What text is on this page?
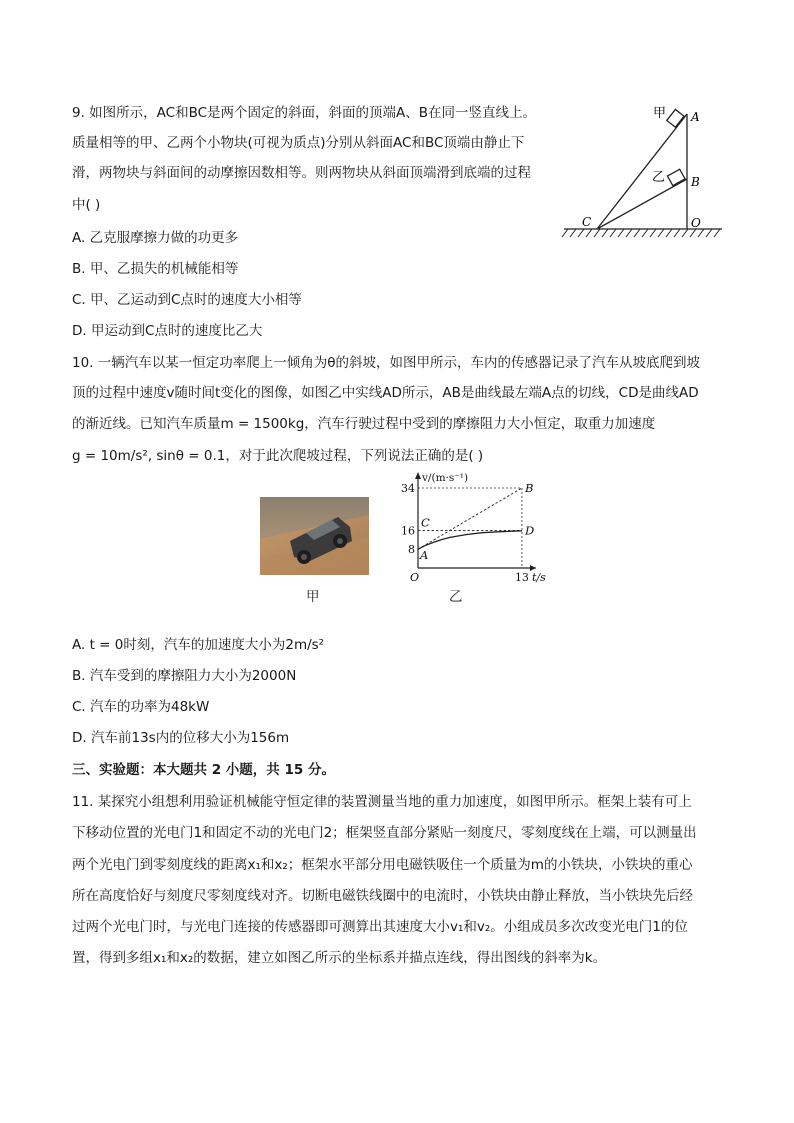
9. 如图所示，AC和BC是两个固定的斜面，斜面的顶端A、B在同一竖直线上。
质量相等的甲、乙两个小物块(可视为质点)分别从斜面AC和BC顶端由静止下
滑，两物块与斜面间的动摩擦因数相等。则两物块从斜面顶端滑到底端的过程
中( )
A. 乙克服摩擦力做的功更多
B. 甲、乙损失的机械能相等
C. 甲、乙运动到C点时的速度大小相等
D. 甲运动到C点时的速度比乙大
甲
乙
A
B
C	O
10. 一辆汽车以某一恒定功率爬上一倾角为θ的斜坡，如图甲所示，车内的传感器记录了汽车从坡底爬到坡
顶的过程中速度v随时间t变化的图像，如图乙中实线AD所示，AB是曲线最左端A点的切线，CD是曲线AD
的渐近线。已知汽车质量m = 1500kg，汽车行驶过程中受到的摩擦阻力大小恒定，取重力加速度
g = 10m/s², sinθ = 0.1，对于此次爬坡过程，下列说法正确的是( )
甲
8
16
34
13
O
v/(m·s⁻¹)
t/s
A
B
C
D
乙
A. t = 0时刻，汽车的加速度大小为2m/s²
B. 汽车受到的摩擦阻力大小为2000N
C. 汽车的功率为48kW
D. 汽车前13s内的位移大小为156m
三、实验题：本大题共 2 小题，共 15 分。
11. 某探究小组想利用验证机械能守恒定律的装置测量当地的重力加速度，如图甲所示。框架上装有可上
下移动位置的光电门1和固定不动的光电门2；框架竖直部分紧贴一刻度尺，零刻度线在上端，可以测量出
两个光电门到零刻度线的距离x₁和x₂；框架水平部分用电磁铁吸住一个质量为m的小铁块，小铁块的重心
所在高度恰好与刻度尺零刻度线对齐。切断电磁铁线圈中的电流时，小铁块由静止释放，当小铁块先后经
过两个光电门时，与光电门连接的传感器即可测算出其速度大小v₁和v₂。小组成员多次改变光电门1的位
置，得到多组x₁和x₂的数据，建立如图乙所示的坐标系并描点连线，得出图线的斜率为k。
